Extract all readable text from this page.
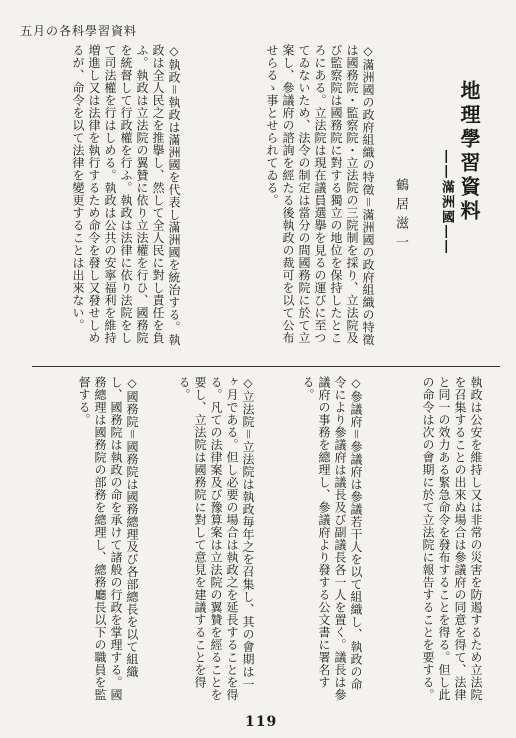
五月の各科學習資料
地理學習資料
――滿洲國――
鶴居滋一
◇滿洲國の政府組織の特徵＝滿洲國の政府組織の特徵は國務院・監察院・立法院の三院制を採り、立法院及び監察院は國務院に對する獨立の地位を保持したところにある。立法院は現在議員選擧を見るの運びに至つてゐないため、法令の制定は當分の間國務院に於て立案し、參議府の諮詢を經たる後執政の裁可を以て公布せらるゝ事とせられてゐる。
執政は公安を維持し又は非常の災害を防遏するため立法院を召集することの出來ぬ場合は參議府の同意を得て、法律と同一の效力ある緊急命令を發布することを得る。但し此の命令は次の會期に於て立法院に報告することを要する。
◇參議府＝參議府は參議若干人を以て組織し、執政の命令により參議府は議長及び副議長各一人を置く。議長は參議府の事務を總理し、參議府より發する公文書に署名する。
◇立法院＝立法院は執政毎年之を召集し、其の會期は一ヶ月である。但し必要の場合は執政之を延長することを得る。凡ての法律案及び豫算案は立法院の翼贊を經ることを要し、立法院は國務院に對して意見を建議することを得る。
◇國務院＝國務院は國務總理及び各部總長を以て組織し、國務院は執政の命を承けて諸般の行政を掌理する。國務總理は國務院の部務を總理し、總務廳長以下の職員を監督する。
119
◇執政＝執政は滿洲國を代表し滿洲國を統治する。執政は全人民之を推擧し、然して全人民に對し責任を負ふ。執政は立法院の翼贊に依り立法權を行ひ、國務院を統督して行政權を行ふ。執政は法律に依り法院をして司法權を行はしめる。執政は公共の安寧福利を維持増進し又は法律を執行するため命令を發し又發せしめるが、命令を以て法律を變更することは出來ない。
